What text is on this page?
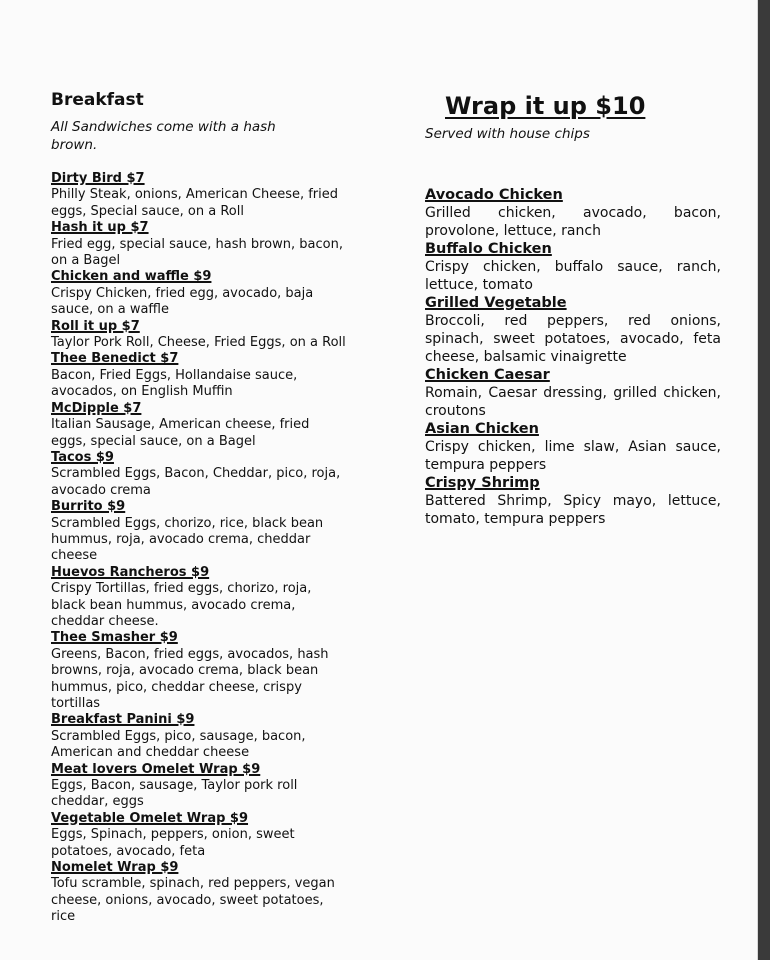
Breakfast

All Sandwiches come with a hash brown.

Dirty Bird $7
Philly Steak, onions, American Cheese, fried eggs, Special sauce, on a Roll
Hash it up $7
Fried egg, special sauce, hash brown, bacon, on a Bagel
Chicken and waffle $9
Crispy Chicken, fried egg, avocado, baja sauce, on a waffle
Roll it up $7
Taylor Pork Roll, Cheese, Fried Eggs, on a Roll
Thee Benedict $7
Bacon, Fried Eggs, Hollandaise sauce, avocados, on English Muffin
McDipple $7
Italian Sausage, American cheese, fried eggs, special sauce, on a Bagel
Tacos $9
Scrambled Eggs, Bacon, Cheddar, pico, roja, avocado crema
Burrito $9
Scrambled Eggs, chorizo, rice, black bean hummus, roja, avocado crema, cheddar cheese
Huevos Rancheros $9
Crispy Tortillas, fried eggs, chorizo, roja, black bean hummus, avocado crema, cheddar cheese.
Thee Smasher $9
Greens, Bacon, fried eggs, avocados, hash browns, roja, avocado crema, black bean hummus, pico, cheddar cheese, crispy tortillas
Breakfast Panini $9
Scrambled Eggs, pico, sausage, bacon, American and cheddar cheese
Meat lovers Omelet Wrap $9
Eggs, Bacon, sausage, Taylor pork roll cheddar, eggs
Vegetable Omelet Wrap $9
Eggs, Spinach, peppers, onion, sweet potatoes, avocado, feta
Nomelet Wrap $9
Tofu scramble, spinach, red peppers, vegan cheese, onions, avocado, sweet potatoes, rice
Wrap it up $10

Served with house chips

Avocado Chicken
Grilled chicken, avocado, bacon, provolone, lettuce, ranch
Buffalo Chicken
Crispy chicken, buffalo sauce, ranch, lettuce, tomato
Grilled Vegetable
Broccoli, red peppers, red onions, spinach, sweet potatoes, avocado, feta cheese, balsamic vinaigrette
Chicken Caesar
Romain, Caesar dressing, grilled chicken, croutons
Asian Chicken
Crispy chicken, lime slaw, Asian sauce, tempura peppers
Crispy Shrimp
Battered Shrimp, Spicy mayo, lettuce, tomato, tempura peppers
